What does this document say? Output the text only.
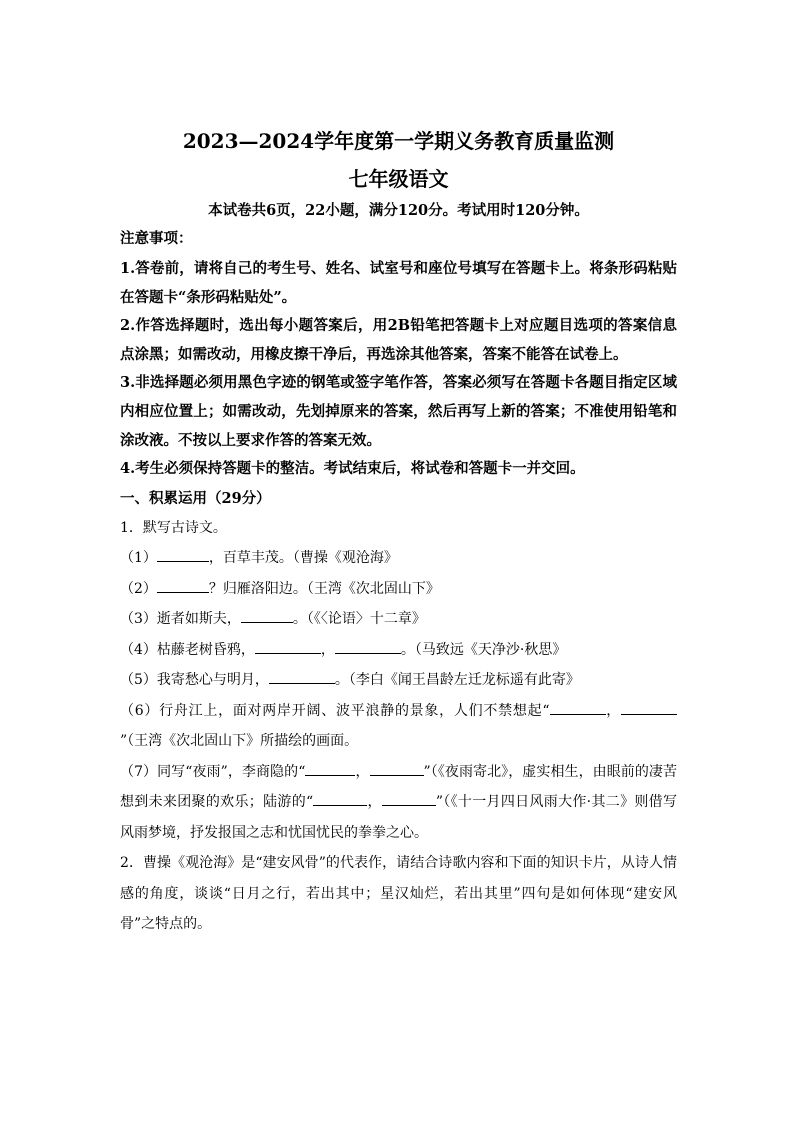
2023—2024学年度第一学期义务教育质量监测

七年级语文

本试卷共6页，22小题，满分120分。考试用时120分钟。

注意事项：

1.答卷前，请将自己的考生号、姓名、试室号和座位号填写在答题卡上。将条形码粘贴在答题卡“条形码粘贴处”。

2.作答选择题时，选出每小题答案后，用2B铅笔把答题卡上对应题目选项的答案信息点涂黑；如需改动，用橡皮擦干净后，再选涂其他答案，答案不能答在试卷上。

3.非选择题必须用黑色字迹的钢笔或签字笔作答，答案必须写在答题卡各题目指定区域内相应位置上；如需改动，先划掉原来的答案，然后再写上新的答案；不准使用铅笔和涂改液。不按以上要求作答的答案无效。

4.考生必须保持答题卡的整洁。考试结束后，将试卷和答题卡一并交回。

一、积累运用（29分）

1．默写古诗文。

（1）	，百草丰茂。（曹操《观沧海》

（2）	？归雁洛阳边。（王湾《次北固山下》

（3）逝者如斯夫，	。（《〈论语〉十二章》

（4）枯藤老树昏鸦，	，	。（马致远《天净沙·秋思》

（5）我寄愁心与明月，	。（李白《闻王昌龄左迁龙标遥有此寄》

（6）行舟江上，面对两岸开阔、波平浪静的景象，人们不禁想起“	，”（王湾《次北固山下》所描绘的画面。

（7）同写“夜雨”，李商隐的“	，	”（《夜雨寄北》，虚实相生，由眼前的凄苦想到未来团聚的欢乐；陆游的“	，	”（《十一月四日风雨大作·其二》则借写风雨梦境，抒发报国之志和忧国忧民的拳拳之心。

2．曹操《观沧海》是“建安风骨”的代表作，请结合诗歌内容和下面的知识卡片，从诗人情感的角度，谈谈“日月之行，若出其中；星汉灿烂，若出其里”四句是如何体现“建安风骨”之特点的。
